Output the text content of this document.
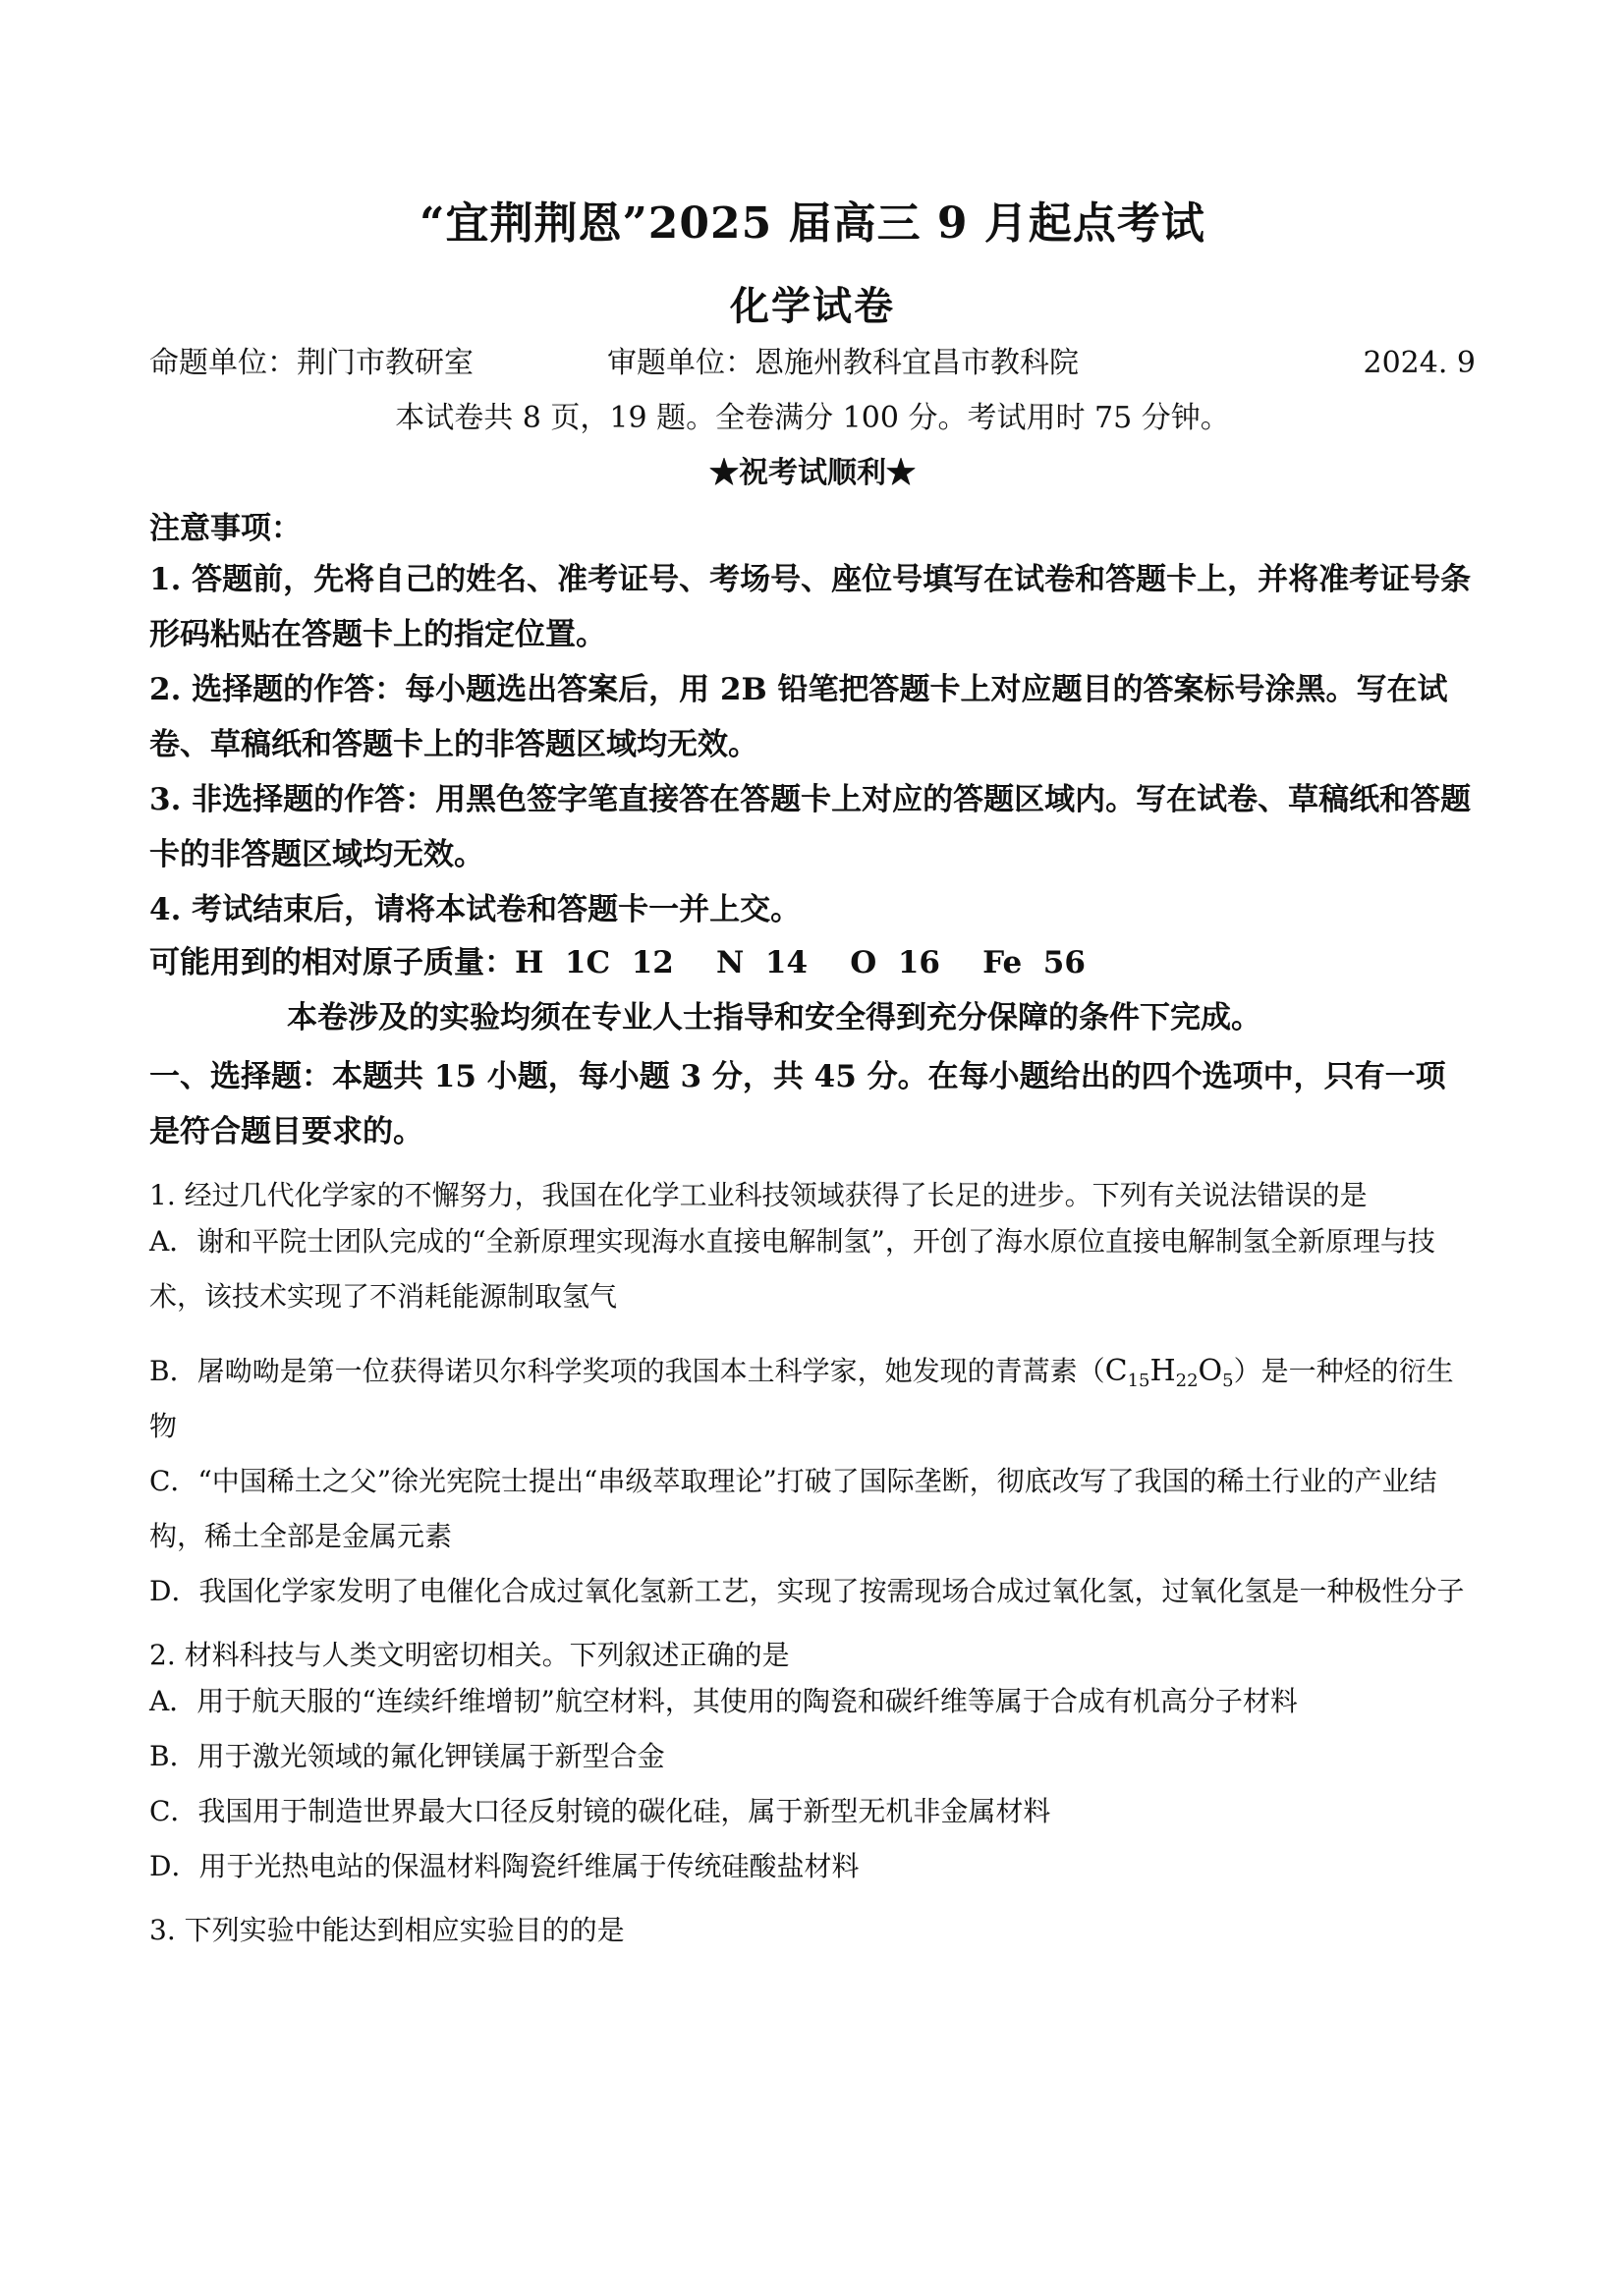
“宜荆荆恩”2025 届高三 9 月起点考试
化学试卷
命题单位：荆门市教研室	审题单位：恩施州教科宜昌市教科院	2024. 9
本试卷共 8 页，19 题。全卷满分 100 分。考试用时 75 分钟。
★祝考试顺利★
注意事项：

1. 答题前，先将自己的姓名、准考证号、考场号、座位号填写在试卷和答题卡上，并将准考证号条形码粘贴在答题卡上的指定位置。

2. 选择题的作答：每小题选出答案后，用 2B 铅笔把答题卡上对应题目的答案标号涂黑。写在试卷、草稿纸和答题卡上的非答题区域均无效。

3. 非选择题的作答：用黑色签字笔直接答在答题卡上对应的答题区域内。写在试卷、草稿纸和答题卡的非答题区域均无效。

4. 考试结束后，请将本试卷和答题卡一并上交。

可能用到的相对原子质量：H  1C  12    N  14    O  16    Fe  56
本卷涉及的实验均须在专业人士指导和安全得到充分保障的条件下完成。
一、选择题：本题共 15 小题，每小题 3 分，共 45 分。在每小题给出的四个选项中，只有一项是符合题目要求的。
1. 经过几代化学家的不懈努力，我国在化学工业科技领域获得了长足的进步。下列有关说法错误的是

A．谢和平院士团队完成的“全新原理实现海水直接电解制氢”，开创了海水原位直接电解制氢全新原理与技术，该技术实现了不消耗能源制取氢气

B．屠呦呦是第一位获得诺贝尔科学奖项的我国本土科学家，她发现的青蒿素$(C_{15}H_{22}O_5)$是一种烃的衍生物

C．“中国稀土之父”徐光宪院士提出“串级萃取理论”打破了国际垄断，彻底改写了我国的稀土行业的产业结构，稀土全部是金属元素

D．我国化学家发明了电催化合成过氧化氢新工艺，实现了按需现场合成过氧化氢，过氧化氢是一种极性分子

2. 材料科技与人类文明密切相关。下列叙述正确的是

A．用于航天服的“连续纤维增韧”航空材料，其使用的陶瓷和碳纤维等属于合成有机高分子材料

B．用于激光领域的氟化钾镁属于新型合金

C．我国用于制造世界最大口径反射镜的碳化硅，属于新型无机非金属材料

D．用于光热电站的保温材料陶瓷纤维属于传统硅酸盐材料

3. 下列实验中能达到相应实验目的的是
